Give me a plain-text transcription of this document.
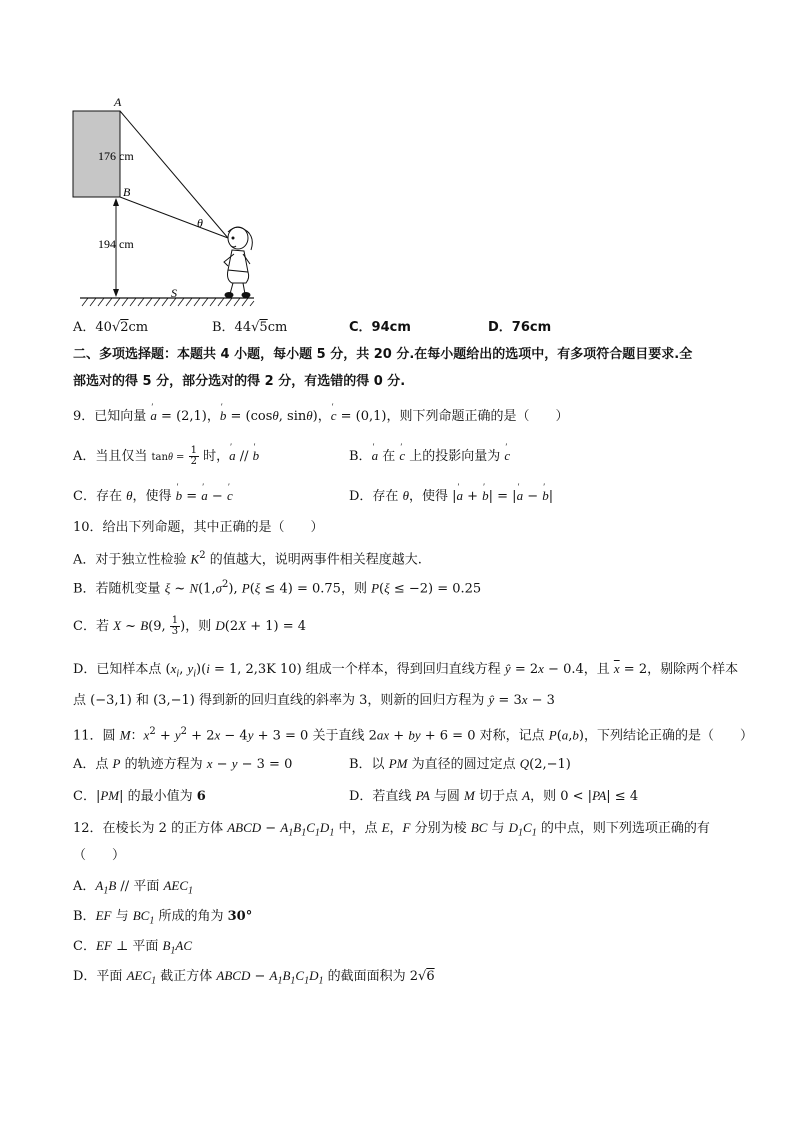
A
B
S
θ
176 cm
194 cm
A．40√2cm	B．44√5cm	C．94cm	D．76cm
二、多项选择题：本题共 4 小题，每小题 5 分，共 20 分.在每小题给出的选项中，有多项符合题目要求.全
部选对的得 5 分，部分选对的得 2 分，有选错的得 0 分.
9．已知向量 ′ a = (2,1)，′ b = (cosθ, sinθ)，′ c = (0,1)，则下列命题正确的是（　　）
A．当且仅当 $\tan\theta = \frac{1}{2}$ 时，′ a // ′ b	B．′ a 在 ′ c 上的投影向量为 ′ c
C．存在 θ，使得 ′ b = ′ a − ′ c	D．存在 θ，使得 |′ a + ′ b| = |′ a − ′ b|
10．给出下列命题，其中正确的是（　　）
A．对于独立性检验 $K^2$ 的值越大，说明两事件相关程度越大.
B．若随机变量 ξ ~ $N(1,\sigma^2)$, P(ξ ≤ 4) = 0.75，则 P(ξ ≤ −2) = 0.25
C．若 X ~ B(9, $\frac{1}{3}$ )，则 D(2X + 1) = 4
D．已知样本点 ($x_i$, $y_i)(i = 1$, 2,3K 10) 组成一个样本，得到回归直线方程 ŷ = 2x − 0.4，且 $\overline{x} = 2$，剔除两个样本
点 (−3,1) 和 (3,−1) 得到新的回归直线的斜率为 3，则新的回归方程为 ŷ = 3x − 3
11．圆 M：$x^2 + y^2 + 2x - 4y + 3 = 0$ 关于直线 2ax + by + 6 = 0 对称，记点 P(a,b)，下列结论正确的是（　　）
A．点 P 的轨迹方程为 x − y − 3 = 0	B．以 PM 为直径的圆过定点 Q(2,−1)
C．|PM| 的最小值为 6	D．若直线 PA 与圆 M 切于点 A，则 0 < |PA| ≤ 4
12．在棱长为 2 的正方体 ABCD − $A_1B_1C_1D_1$ 中，点 E，F 分别为棱 BC 与 $D_1C_1$ 的中点，则下列选项正确的有
（　　）
A．$A_1B$ // 平面 $AEC_1$
B．EF 与 $BC_1$ 所成的角为 30°
C．EF ⊥ 平面 $B_1AC$
D．平面 $AEC_1$ 截正方体 ABCD − $A_1B_1C_1D_1$ 的截面面积为 2√6
